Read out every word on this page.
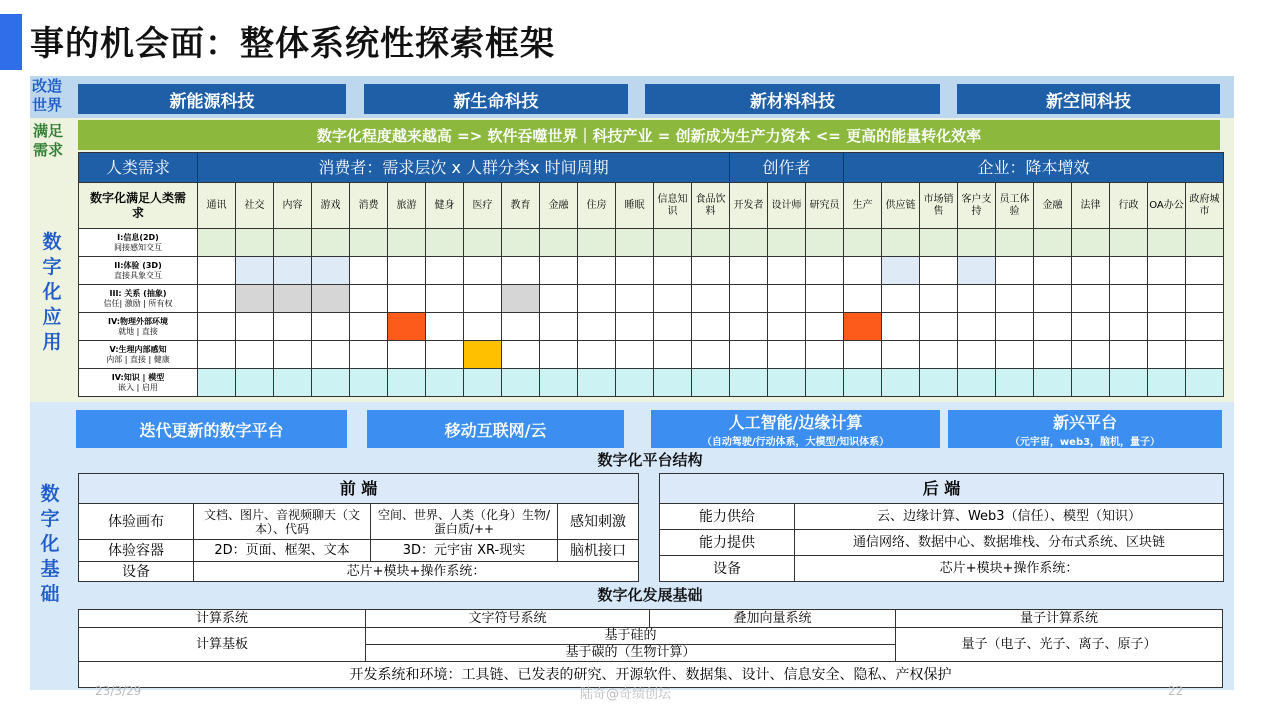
事的机会面：整体系统性探索框架
改造世界
满足需求
数字化应用
数字化基础
新能源科技	新生命科技	新材料科技	新空间科技
数字化程度越来越高 => 软件吞噬世界｜科技产业 = 创新成为生产力资本 <= 更高的能量转化效率
人类需求	消费者：需求层次 x 人群分类x 时间周期														创作者			企业：降本增效									
数字化满足人类需求	通讯	社交	内容	游戏	消费	旅游	健身	医疗	教育	金融	住房	睡眠	信息知识	食品饮料	开发者	设计师	研究员	生产	供应链	市场销售	客户支持	员工体验	金融	法律	行政	OA办公	政府城市

I:信息(2D)
间接感知交互																											

II:体验 (3D)
直接具象交互																											

III: 关系 (抽象)
信任| 激励 | 所有权																											

IV:物理外部环境
就地 | 直接																											

V:生理内部感知
内部 | 直接 | 健康																											

IV:知识 | 模型
嵌入 | 启用																											
迭代更新的数字平台	移动互联网/云	人工智能/边缘计算
（自动驾驶/行动体系，大模型/知识体系）
新兴平台
（元宇宙，web3，脑机，量子）
数字化平台结构
前 端			
体验画布	文档、图片、音视频聊天（文本）、代码	空间、世界、人类（化身）生物/蛋白质/++	感知刺激
体验容器	2D：页面、框架、文本	3D：元宇宙 XR-现实	脑机接口
设备	芯片+模块+操作系统：		
后 端	
能力供给	云、边缘计算、Web3（信任）、模型（知识）
能力提供	通信网络、数据中心、数据堆栈、分布式系统、区块链
设备	芯片+模块+操作系统：
数字化发展基础
计算系统	文字符号系统	叠加向量系统	量子计算系统
计算基板	基于硅的		量子（电子、光子、离子、原子）
	基于碳的（生物计算）		
开发系统和环境：工具链、已发表的研究、开源软件、数据集、设计、信息安全、隐私、产权保护			
23/3/29	陆奇@奇绩创坛	22
